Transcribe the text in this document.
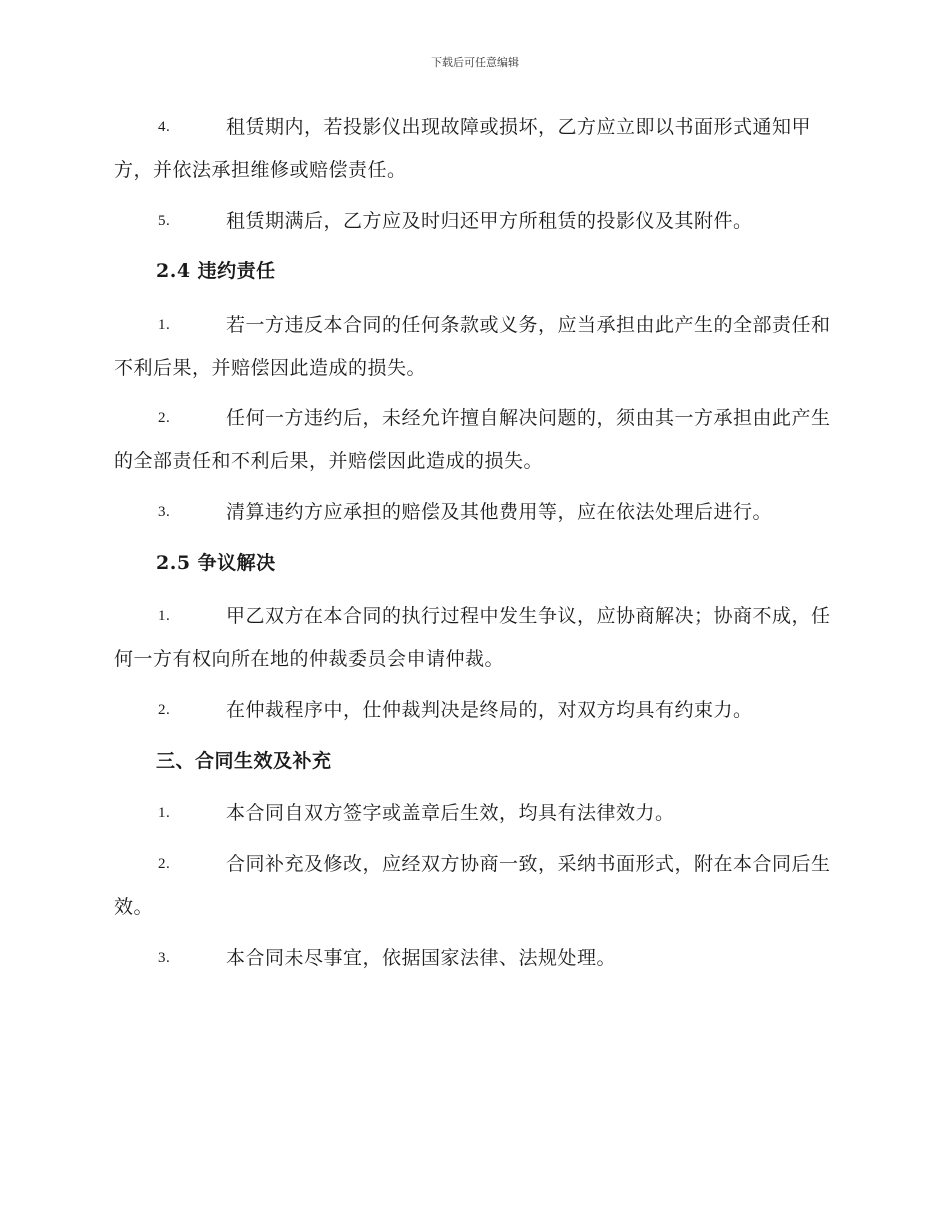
下载后可任意编辑
4.	租赁期内，若投影仪出现故障或损坏，乙方应立即以书面形式通知甲方，并依法承担维修或赔偿责任。
5.	租赁期满后，乙方应及时归还甲方所租赁的投影仪及其附件。
2.4 违约责任
1.	若一方违反本合同的任何条款或义务，应当承担由此产生的全部责任和不利后果，并赔偿因此造成的损失。
2.	任何一方违约后，未经允许擅自解决问题的，须由其一方承担由此产生的全部责任和不利后果，并赔偿因此造成的损失。
3.	清算违约方应承担的赔偿及其他费用等，应在依法处理后进行。
2.5 争议解决
1.	甲乙双方在本合同的执行过程中发生争议，应协商解决；协商不成，任何一方有权向所在地的仲裁委员会申请仲裁。
2.	在仲裁程序中，仕仲裁判决是终局的，对双方均具有约束力。
三、合同生效及补充
1.	本合同自双方签字或盖章后生效，均具有法律效力。
2.	合同补充及修改，应经双方协商一致，采纳书面形式，附在本合同后生效。
3.	本合同未尽事宜，依据国家法律、法规处理。
